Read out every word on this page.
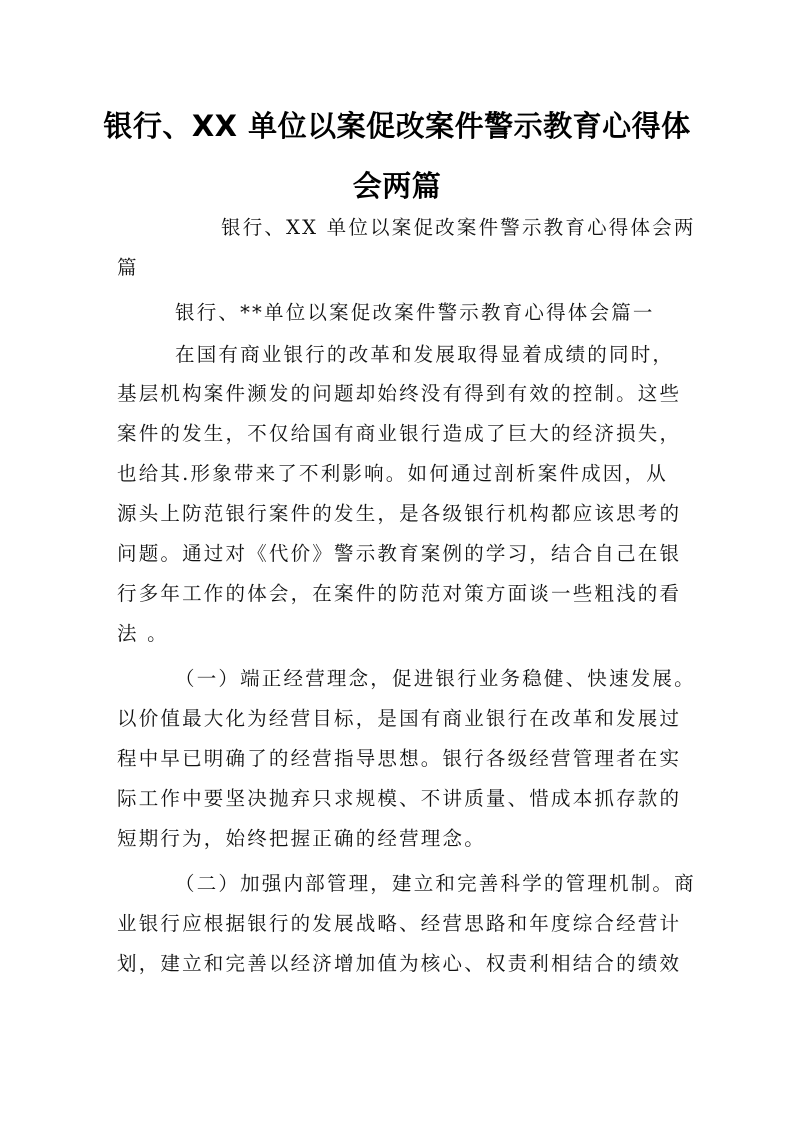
银行、XX 单位以案促改案件警示教育心得体
会两篇
银行、XX 单位以案促改案件警示教育心得体会两
篇
银行、**单位以案促改案件警示教育心得体会篇一
在国有商业银行的改革和发展取得显着成绩的同时，
基层机构案件濒发的问题却始终没有得到有效的控制。这些
案件的发生，不仅给国有商业银行造成了巨大的经济损失，
也给其.形象带来了不利影响。如何通过剖析案件成因，从
源头上防范银行案件的发生，是各级银行机构都应该思考的
问题。通过对《代价》警示教育案例的学习，结合自己在银
行多年工作的体会，在案件的防范对策方面谈一些粗浅的看
法 。
（一）端正经营理念，促进银行业务稳健、快速发展。
以价值最大化为经营目标，是国有商业银行在改革和发展过
程中早已明确了的经营指导思想。银行各级经营管理者在实
际工作中要坚决抛弃只求规模、不讲质量、惜成本抓存款的
短期行为，始终把握正确的经营理念。
（二）加强内部管理，建立和完善科学的管理机制。商
业银行应根据银行的发展战略、经营思路和年度综合经营计
划，建立和完善以经济增加值为核心、权责利相结合的绩效
